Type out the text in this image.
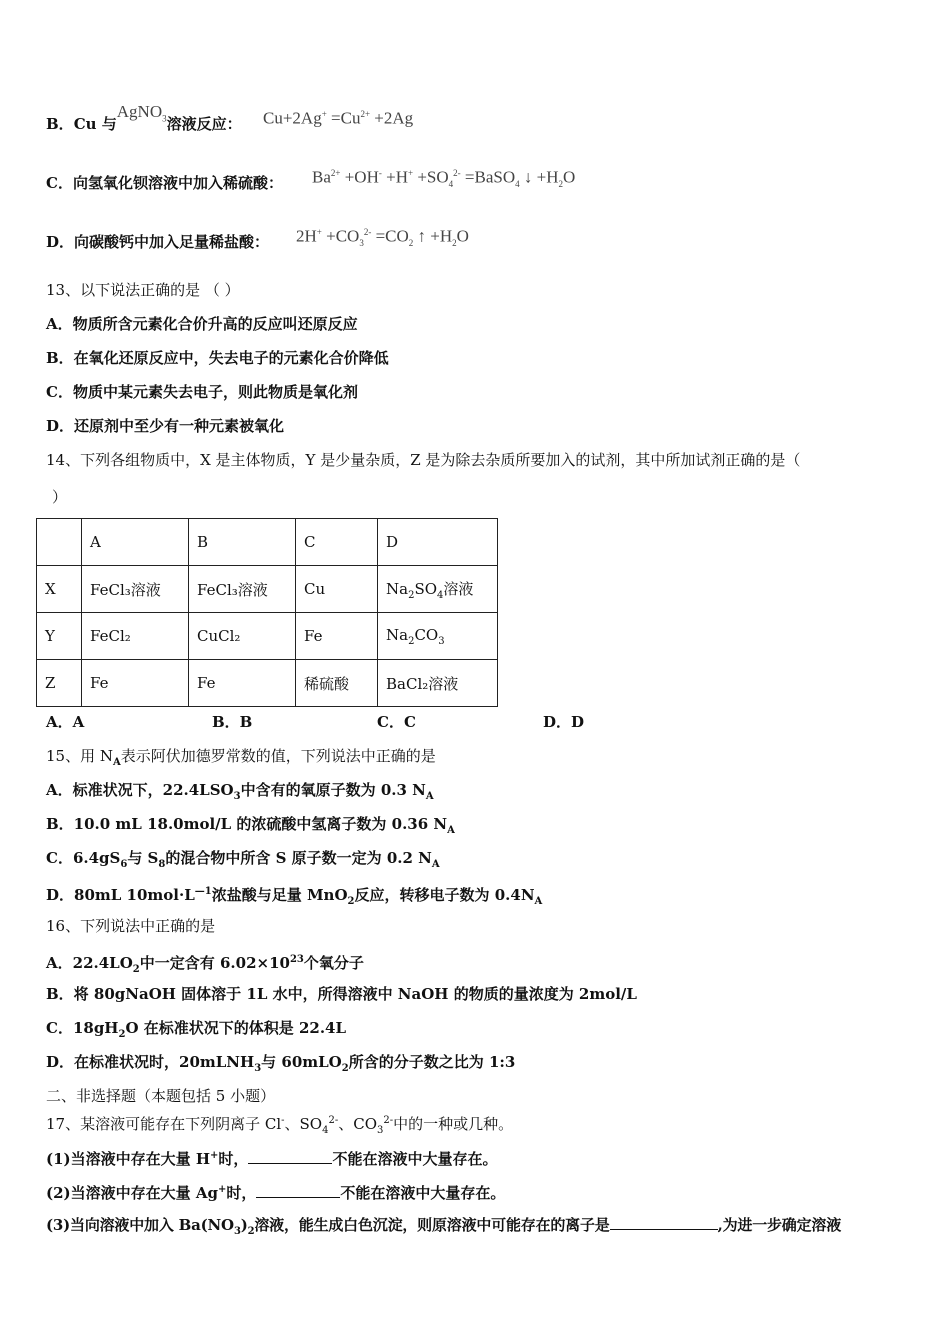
B．Cu 与AgNO$_3$溶液反应： $Cu+2Ag^+ =Cu^{2+} +2Ag$
C．向氢氧化钡溶液中加入稀硫酸： $Ba^{2+} +OH^- +H^+ +SO_4^{2-}$ =BaSO$_4$ ↓ $+H_2O$
D．向碳酸钙中加入足量稀盐酸： $2H^+ +CO_3^{2-} =CO_2$ ↑ $+H_2O$
13、以下说法正确的是 （ ）
A．物质所含元素化合价升高的反应叫还原反应
B．在氧化还原反应中，失去电子的元素化合价降低
C．物质中某元素失去电子，则此物质是氧化剂
D．还原剂中至少有一种元素被氧化
14、下列各组物质中，X 是主体物质，Y 是少量杂质，Z 是为除去杂质所要加入的试剂，其中所加试剂正确的是（
）
	A	B	C	D
X	FeCl₃溶液	FeCl₃溶液	Cu	$Na_2SO_4$溶液
Y	FeCl₂	CuCl₂	Fe	$Na_2CO_3$
Z	Fe	Fe	稀硫酸	BaCl₂溶液
A．A	B．B	C．C	D．D
15、用 $N_A$表示阿伏加德罗常数的值，下列说法中正确的是
A．标准状况下，$22.4LSO_3$中含有的氧原子数为 0.3 $N_A$
B．10.0 mL 18.0mol/L 的浓硫酸中氢离子数为 0.36 $N_A$
C．$6.4gS_6$与 $S_8$的混合物中所含 S 原子数一定为 0.2 $N_A$
D．80mL $10mol\cdot L^{—1}$浓盐酸与足量 MnO$_2$反应，转移电子数为 $0.4N_A$
16、下列说法中正确的是
A．$22.4LO_2$中一定含有 $6.02\times 10^{23}$个氧分子
B．将 80gNaOH 固体溶于 1L 水中，所得溶液中 NaOH 的物质的量浓度为 2mol/L
C．$18gH_2O$ 在标准状况下的体积是 22.4L
D．在标准状况时，20mLNH$_3$与 60mLO$_2$所含的分子数之比为 1:3
二、非选择题（本题包括 5 小题）
17、某溶液可能存在下列阴离子 Cl-、$SO_4^{2-}$、$CO_3^{2-}$中的一种或几种。
(1)当溶液中存在大量 H+时，	不能在溶液中大量存在。
(2)当溶液中存在大量 Ag+时，	不能在溶液中大量存在。
(3)当向溶液中加入 $Ba(NO_3)_2$溶液，能生成白色沉淀，则原溶液中可能存在的离子是	,为进一步确定溶液
